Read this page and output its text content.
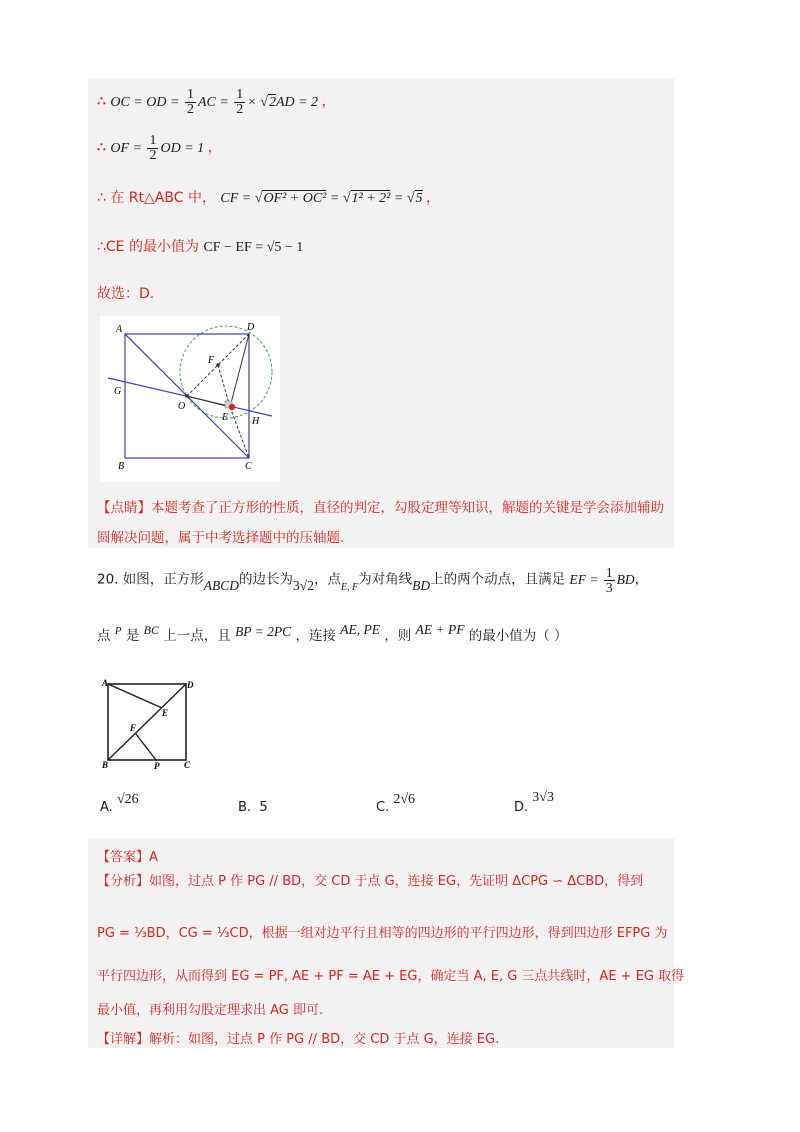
∴ OC = OD = $\frac{1}{2}$ AC = $\frac{1}{2} \times √2AD = 2$ ，
∴ OF = $\frac{1}{2}$ OD = 1 ，
∴ 在 Rt△ABC 中， CF = √OF² + OC² = √1² + 2² = √5 ，
∴CE 的最小值为 CF − EF = √5 − 1
故选：D.
A	D
F
G
O
E H
B	C
【点睛】本题考查了正方形的性质，直径的判定，勾股定理等知识，解题的关键是学会添加辅助
圆解决问题，属于中考选择题中的压轴题.
20. 如图，正方形ABCD的边长为3√2，点$_{E, F}$为对角线BD上的两个动点，且满足 EF = $\frac{1}{3}$ BD，
点 $^P$ 是 BC 上一点，且 BP = 2PC ，连接 AE, PE ，则 AE + PF 的最小值为（ ）
A	D
E
F
B	P	C
A. √26
B. 5	C. 2√6
D. 3√3
【答案】A
【分析】如图，过点 P 作 PG // BD，交 CD 于点 G，连接 EG，先证明 ΔCPG ∽ ΔCBD，得到
PG = ⅓BD，CG = ⅓CD，根据一组对边平行且相等的四边形的平行四边形，得到四边形 EFPG 为
平行四边形，从而得到 EG = PF, AE + PF = AE + EG，确定当 A, E, G 三点共线时，AE + EG 取得
最小值，再利用勾股定理求出 AG 即可.
【详解】解析：如图，过点 P 作 PG // BD，交 CD 于点 G，连接 EG.
